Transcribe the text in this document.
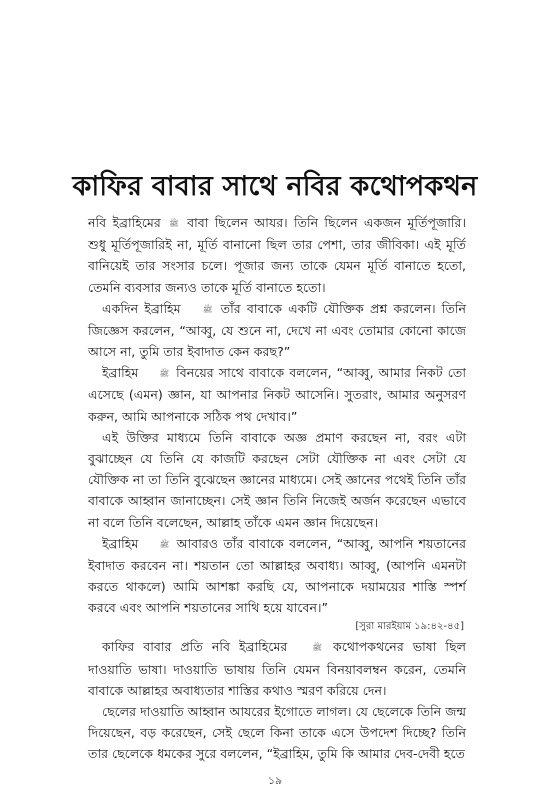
কাফির বাবার সাথে নবির কথোপকথন

নবি ইব্রাহিমের ﷺ বাবা ছিলেন আযর। তিনি ছিলেন একজন মূর্তিপূজারি। শুধু মূর্তিপূজারিই না, মূর্তি বানানো ছিল তার পেশা, তার জীবিকা। এই মূর্তি বানিয়েই তার সংসার চলে। পূজার জন্য তাকে যেমন মূর্তি বানাতে হতো, তেমনি ব্যবসার জন্যও তাকে মূর্তি বানাতে হতো।

একদিন ইব্রাহিম	ﷺ তাঁর বাবাকে একটি যৌক্তিক প্রশ্ন করলেন। তিনি জিজ্ঞেস করলেন, “আব্বু, যে শুনে না, দেখে না এবং তোমার কোনো কাজে আসে না, তুমি তার ইবাদাত কেন করছ?”

ইব্রাহিম	ﷺ বিনয়ের সাথে বাবাকে বললেন, “আব্বু, আমার নিকট তো এসেছে (এমন) জ্ঞান, যা আপনার নিকট আসেনি। সুতরাং, আমার অনুসরণ করুন, আমি আপনাকে সঠিক পথ দেখাব।”

এই উক্তির মাধ্যমে তিনি বাবাকে অজ্ঞ প্রমাণ করছেন না, বরং এটা বুঝাচ্ছেন যে তিনি যে কাজটি করছেন সেটা যৌক্তিক না এবং সেটা যে যৌক্তিক না তা তিনি বুঝেছেন জ্ঞানের মাধ্যমে। সেই জ্ঞানের পথেই তিনি তাঁর বাবাকে আহ্বান জানাচ্ছেন। সেই জ্ঞান তিনি নিজেই অর্জন করেছেন এভাবে না বলে তিনি বলেছেন, আল্লাহ তাঁকে এমন জ্ঞান দিয়েছেন।

ইব্রাহিম	ﷺ আবারও তাঁর বাবাকে বললেন, “আব্বু, আপনি শয়তানের ইবাদাত করবেন না। শয়তান তো আল্লাহর অবাধ্য। আব্বু, (আপনি এমনটা করতে থাকলে) আমি আশঙ্কা করছি যে, আপনাকে দয়াময়ের শাস্তি স্পর্শ করবে এবং আপনি শয়তানের সাথি হয়ে যাবেন।”

[সুরা মারইয়াম ১৯:৪২-৪৫]

কাফির বাবার প্রতি নবি ইব্রাহিমের	ﷺ কথোপকথনের ভাষা ছিল দাওয়াতি ভাষা। দাওয়াতি ভাষায় তিনি যেমন বিনয়াবলম্বন করেন, তেমনি বাবাকে আল্লাহর অবাধ্যতার শাস্তির কথাও স্মরণ করিয়ে দেন।

ছেলের দাওয়াতি আহ্বান আযরের ইগোতে লাগল। যে ছেলেকে তিনি জন্ম দিয়েছেন, বড় করেছেন, সেই ছেলে কিনা তাকে এসে উপদেশ দিচ্ছে? তিনি তার ছেলেকে ধমকের সুরে বললেন, “ইব্রাহিম, তুমি কি আমার দেব-দেবী হতে

১৯
